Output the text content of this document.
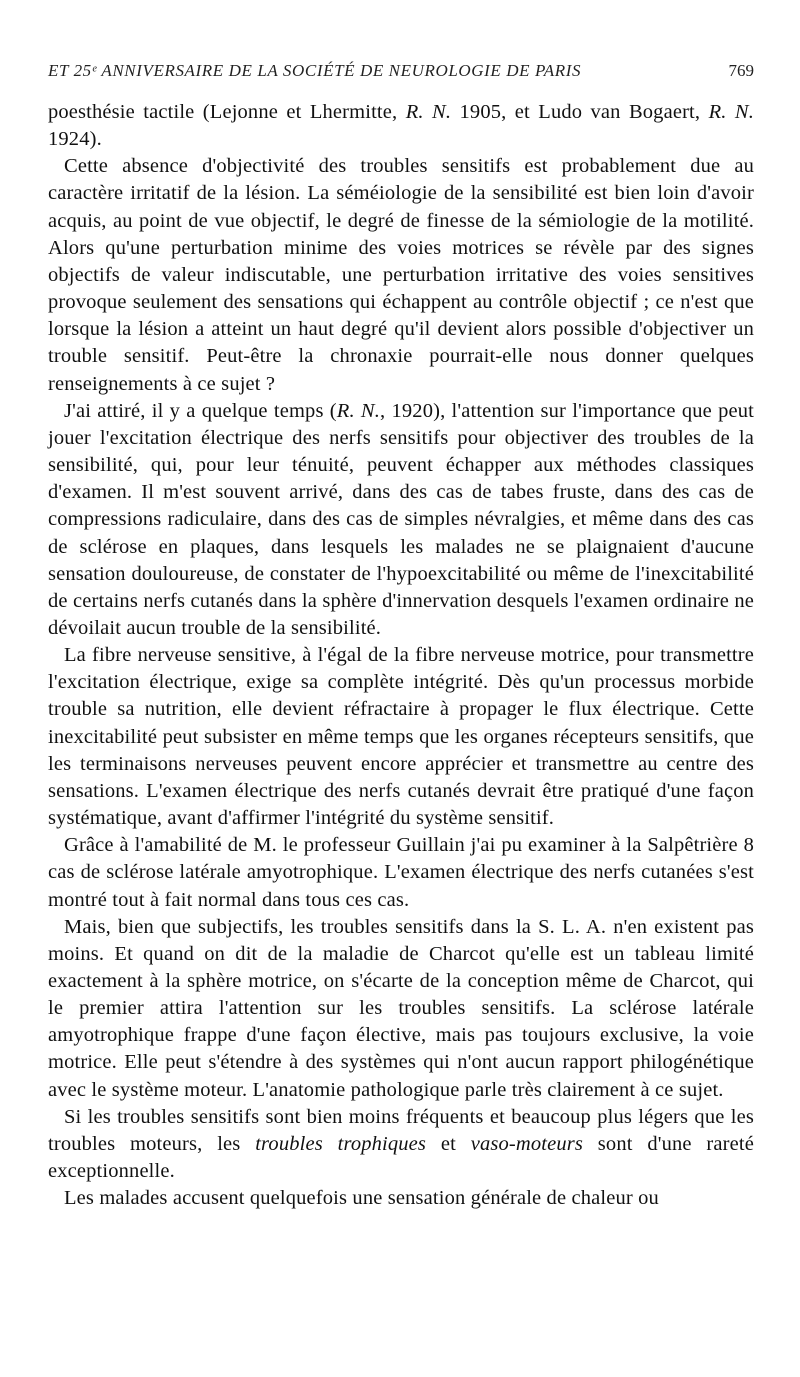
ET 25ᵉ ANNIVERSAIRE DE LA SOCIÉTÉ DE NEUROLOGIE DE PARIS	769

poesthésie tactile (Lejonne et Lhermitte, R. N. 1905, et Ludo van Bogaert, R. N. 1924).

Cette absence d'objectivité des troubles sensitifs est probablement due au caractère irritatif de la lésion. La séméiologie de la sensibilité est bien loin d'avoir acquis, au point de vue objectif, le degré de finesse de la sémiologie de la motilité. Alors qu'une perturbation minime des voies motrices se révèle par des signes objectifs de valeur indiscutable, une perturbation irritative des voies sensitives provoque seulement des sensations qui échappent au contrôle objectif ; ce n'est que lorsque la lésion a atteint un haut degré qu'il devient alors possible d'objectiver un trouble sensitif. Peut-être la chronaxie pourrait-elle nous donner quelques renseignements à ce sujet ?

J'ai attiré, il y a quelque temps (R. N., 1920), l'attention sur l'importance que peut jouer l'excitation électrique des nerfs sensitifs pour objectiver des troubles de la sensibilité, qui, pour leur ténuité, peuvent échapper aux méthodes classiques d'examen. Il m'est souvent arrivé, dans des cas de tabes fruste, dans des cas de compressions radiculaire, dans des cas de simples névralgies, et même dans des cas de sclérose en plaques, dans lesquels les malades ne se plaignaient d'aucune sensation douloureuse, de constater de l'hypoexcitabilité ou même de l'inexcitabilité de certains nerfs cutanés dans la sphère d'innervation desquels l'examen ordinaire ne dévoilait aucun trouble de la sensibilité.

La fibre nerveuse sensitive, à l'égal de la fibre nerveuse motrice, pour transmettre l'excitation électrique, exige sa complète intégrité. Dès qu'un processus morbide trouble sa nutrition, elle devient réfractaire à propager le flux électrique. Cette inexcitabilité peut subsister en même temps que les organes récepteurs sensitifs, que les terminaisons nerveuses peuvent encore apprécier et transmettre au centre des sensations. L'examen électrique des nerfs cutanés devrait être pratiqué d'une façon systématique, avant d'affirmer l'intégrité du système sensitif.

Grâce à l'amabilité de M. le professeur Guillain j'ai pu examiner à la Salpêtrière 8 cas de sclérose latérale amyotrophique. L'examen électrique des nerfs cutanées s'est montré tout à fait normal dans tous ces cas.

Mais, bien que subjectifs, les troubles sensitifs dans la S. L. A. n'en existent pas moins. Et quand on dit de la maladie de Charcot qu'elle est un tableau limité exactement à la sphère motrice, on s'écarte de la conception même de Charcot, qui le premier attira l'attention sur les troubles sensitifs. La sclérose latérale amyotrophique frappe d'une façon élective, mais pas toujours exclusive, la voie motrice. Elle peut s'étendre à des systèmes qui n'ont aucun rapport philogénétique avec le système moteur. L'anatomie pathologique parle très clairement à ce sujet.

Si les troubles sensitifs sont bien moins fréquents et beaucoup plus légers que les troubles moteurs, les troubles trophiques et vaso-moteurs sont d'une rareté exceptionnelle.

Les malades accusent quelquefois une sensation générale de chaleur ou
